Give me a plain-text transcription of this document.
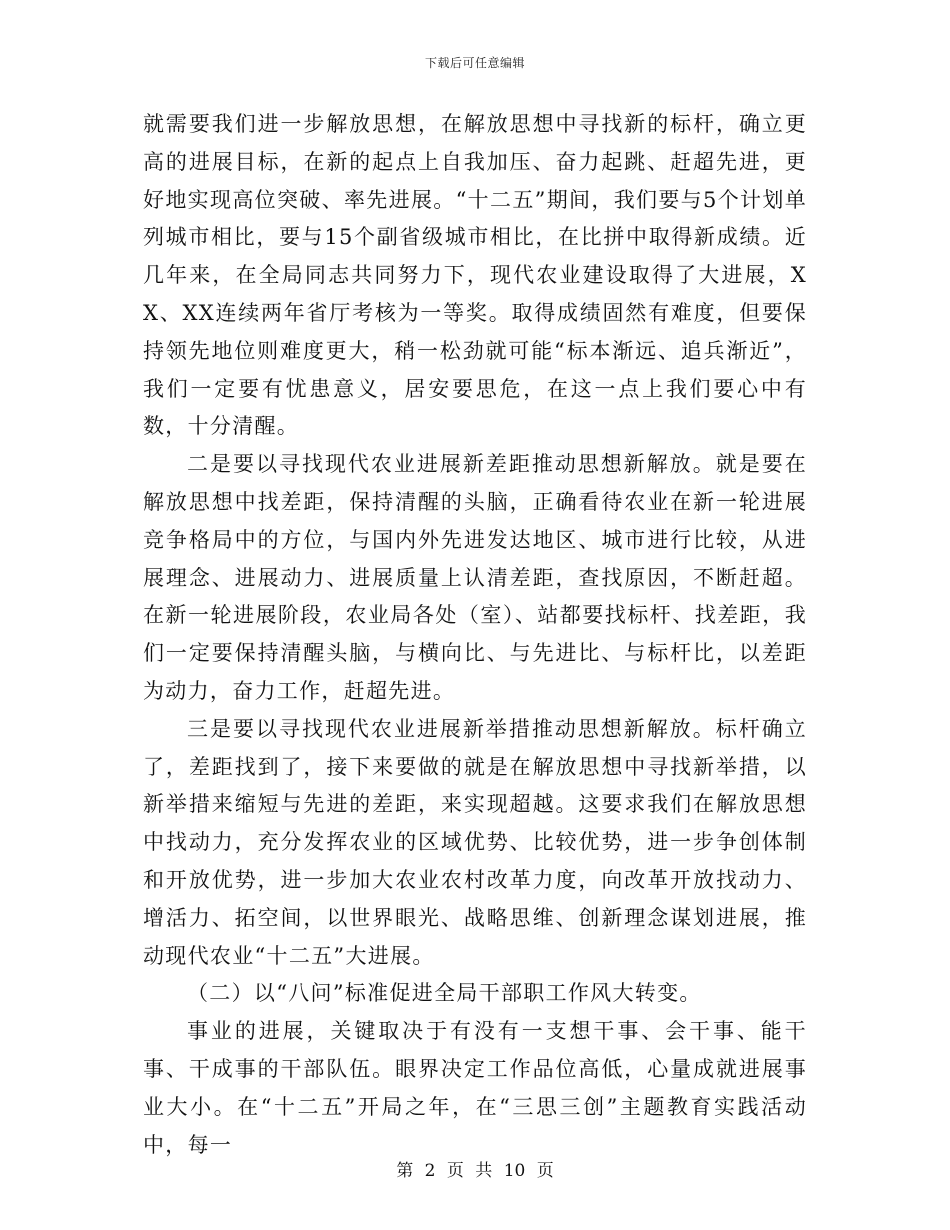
下载后可任意编辑

就需要我们进一步解放思想，在解放思想中寻找新的标杆，确立更高的进展目标，在新的起点上自我加压、奋力起跳、赶超先进，更好地实现高位突破、率先进展。“十二五”期间，我们要与5个计划单列城市相比，要与15个副省级城市相比，在比拼中取得新成绩。近几年来，在全局同志共同努力下，现代农业建设取得了大进展，XX、XX连续两年省厅考核为一等奖。取得成绩固然有难度，但要保持领先地位则难度更大，稍一松劲就可能“标本渐远、追兵渐近”，我们一定要有忧患意义，居安要思危，在这一点上我们要心中有数，十分清醒。

二是要以寻找现代农业进展新差距推动思想新解放。就是要在解放思想中找差距，保持清醒的头脑，正确看待农业在新一轮进展竞争格局中的方位，与国内外先进发达地区、城市进行比较，从进展理念、进展动力、进展质量上认清差距，查找原因，不断赶超。在新一轮进展阶段，农业局各处（室）、站都要找标杆、找差距，我们一定要保持清醒头脑，与横向比、与先进比、与标杆比，以差距为动力，奋力工作，赶超先进。

三是要以寻找现代农业进展新举措推动思想新解放。标杆确立了，差距找到了，接下来要做的就是在解放思想中寻找新举措，以新举措来缩短与先进的差距，来实现超越。这要求我们在解放思想中找动力，充分发挥农业的区域优势、比较优势，进一步争创体制和开放优势，进一步加大农业农村改革力度，向改革开放找动力、增活力、拓空间，以世界眼光、战略思维、创新理念谋划进展，推动现代农业“十二五”大进展。

（二）以“八问”标准促进全局干部职工作风大转变。

事业的进展，关键取决于有没有一支想干事、会干事、能干事、干成事的干部队伍。眼界决定工作品位高低，心量成就进展事业大小。在“十二五”开局之年，在“三思三创”主题教育实践活动中，每一

第 2 页 共 10 页
